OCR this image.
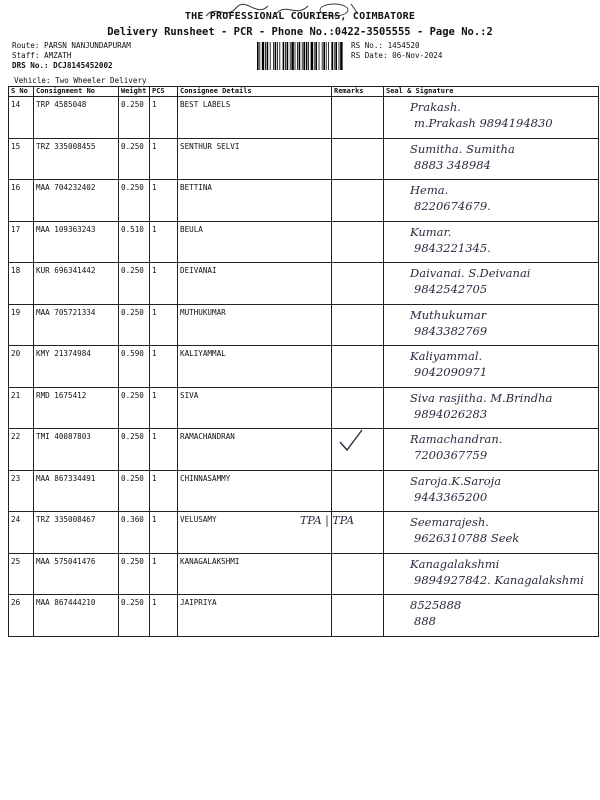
THE PROFESSIONAL COURIERS, COIMBATORE
Delivery Runsheet - PCR - Phone No.:0422-3505555 - Page No.:2
Route: PARSN NANJUNDAPURAM
Staff: AMZATH
DRS No.: DCJ8145452002
RS No.: 1454520
RS Date: 06-Nov-2024
Vehicle: Two Wheeler Delivery
S No	Consignment No	Weight	PCS	Consignee Details	Remarks	Seal & Signature
14	TRP 4585048	0.250	1	BEST LABELS		Prakash.
m.Prakash 9894194830

15	TRZ 335008455	0.250	1	SENTHUR SELVI		Sumitha. Sumitha
8883 348984

16	MAA 704232402	0.250	1	BETTINA		Hema.
8220674679.

17	MAA 109363243	0.510	1	BEULA		Kumar.
9843221345.

18	KUR 696341442	0.250	1	DEIVANAI		Daivanai. S.Deivanai
9842542705

19	MAA 705721334	0.250	1	MUTHUKUMAR		Muthukumar
9843382769

20	KMY 21374984	0.590	1	KALIYAMMAL		Kaliyammal.
9042090971

21	RMD 1675412	0.250	1	SIVA		Siva rasjitha. M.Brindha
9894026283

22	TMI 40087803	0.250	1	RAMACHANDRAN		Ramachandran.
7200367759

23	MAA 867334491	0.250	1	CHINNASAMMY		Saroja.K.Saroja
9443365200

24	TRZ 335008467	0.360	1	VELUSAMY		Seemarajesh.
9626310788 Seek

25	MAA 575041476	0.250	1	KANAGALAKSHMI		Kanagalakshmi
9894927842. Kanagalakshmi

26	MAA 867444210	0.250	1	JAIPRIYA		8525888
888
TPA | TPA
